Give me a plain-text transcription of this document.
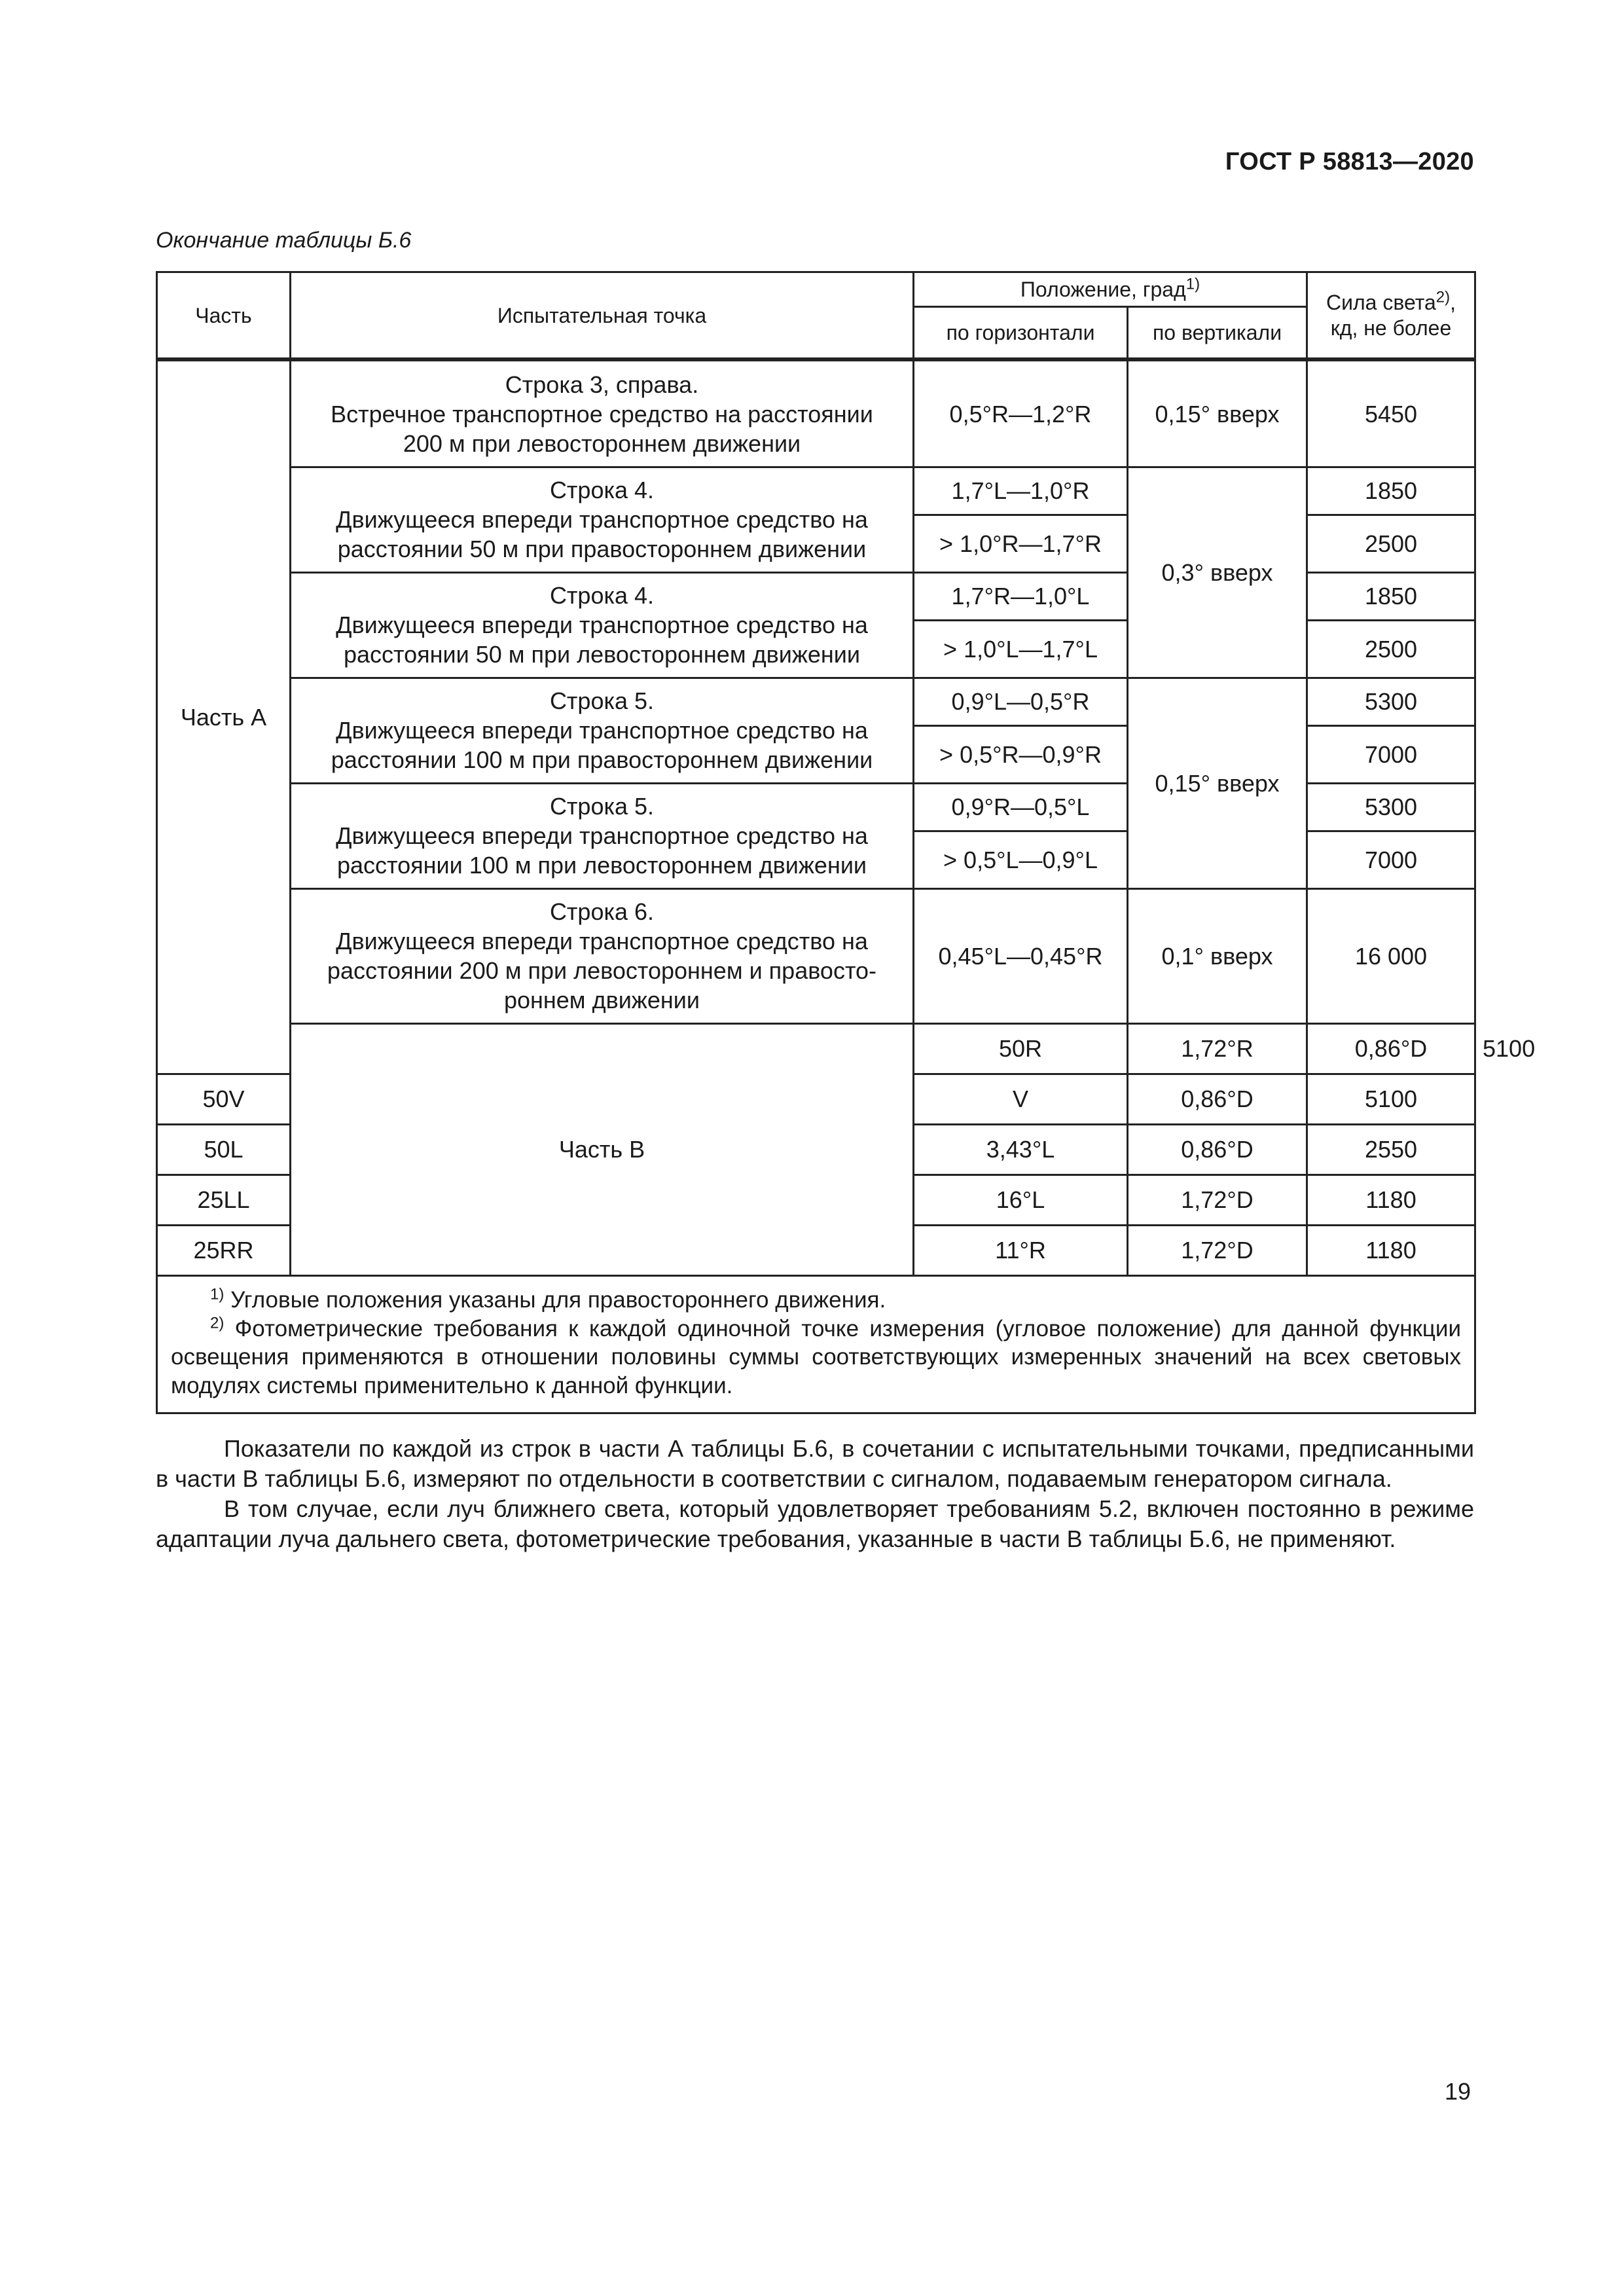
ГОСТ Р 58813—2020
Окончание таблицы Б.6
Часть	Испытательная точка	Положение, град$^{1)}$		Сила света$^{2)}$,
кд, не более	
		по горизонтали	по вертикали		
Часть А	Строка 3, справа.
Встречное транспортное средство на расстоянии
200 м при левостороннем движении	0,5°R—1,2°R	0,15° вверх	5450	
	Строка 4.
Движущееся впереди транспортное средство на
расстоянии 50 м при правостороннем движении	1,7°L—1,0°R	0,3° вверх	1850	
		> 1,0°R—1,7°R		2500	
	Строка 4.
Движущееся впереди транспортное средство на
расстоянии 50 м при левостороннем движении	1,7°R—1,0°L		1850	
		> 1,0°L—1,7°L		2500	
	Строка 5.
Движущееся впереди транспортное средство на
расстоянии 100 м при правостороннем движении	0,9°L—0,5°R	0,15° вверх	5300	
		> 0,5°R—0,9°R		7000	
	Строка 5.
Движущееся впереди транспортное средство на
расстоянии 100 м при левостороннем движении	0,9°R—0,5°L		5300	
		> 0,5°L—0,9°L		7000	
	Строка 6.
Движущееся впереди транспортное средство на
расстоянии 200 м при левостороннем и правосто-
роннем движении	0,45°L—0,45°R	0,1° вверх	16 000	
	Часть В	50R	1,72°R	0,86°D	5100
50V		V	0,86°D	5100	
50L		3,43°L	0,86°D	2550	
25LL		16°L	1,72°D	1180	
25RR		11°R	1,72°D	1180	

$^{1)}$ Угловые положения указаны для правостороннего движения.
$^{2)}$ Фотометрические требования к каждой одиночной точке измерения (угловое положение) для данной функции освещения применяются в отношении половины суммы соответствующих измеренных значений на всех световых модулях системы применительно к данной функции.					

Показатели по каждой из строк в части А таблицы Б.6, в сочетании с испытательными точками, предписанными в части В таблицы Б.6, измеряют по отдельности в соответствии с сигналом, подаваемым генератором сигнала.

В том случае, если луч ближнего света, который удовлетворяет требованиям 5.2, включен постоянно в режиме адаптации луча дальнего света, фотометрические требования, указанные в части В таблицы Б.6, не применяют.

19
